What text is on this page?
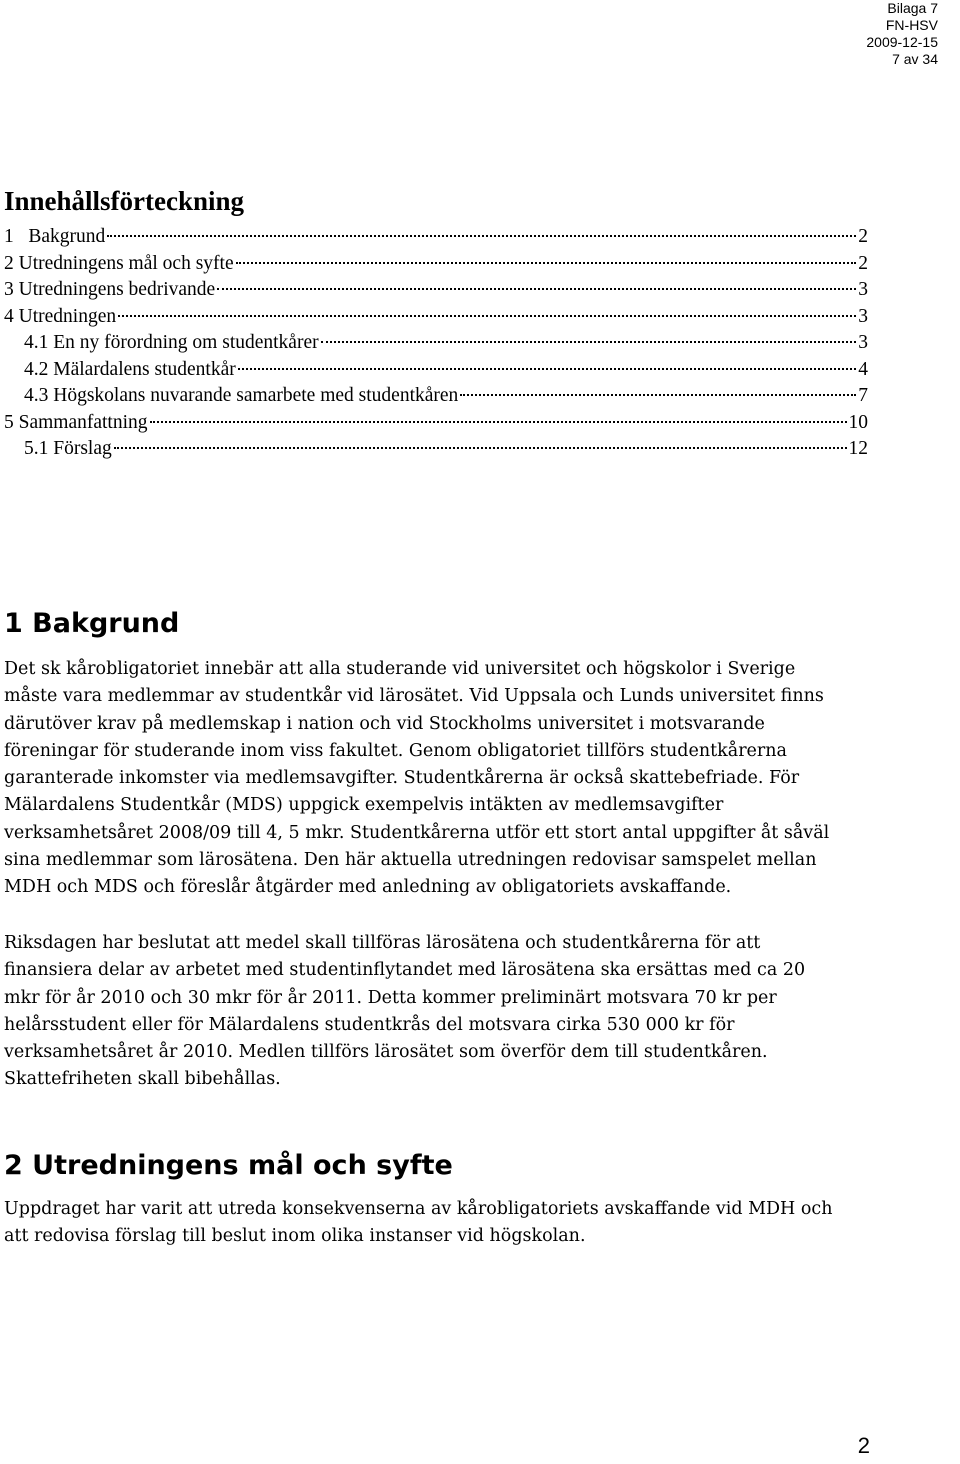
Bilaga 7
FN-HSV
2009-12-15
7 av 34
Innehållsförteckning
1   Bakgrund	2
2 Utredningens mål och syfte	2
3 Utredningens bedrivande	3
4 Utredningen	3
4.1 En ny förordning om studentkårer	3
4.2 Mälardalens studentkår	4
4.3 Högskolans nuvarande samarbete med studentkåren	7
5 Sammanfattning	10
5.1 Förslag	12
1 Bakgrund

Det sk kårobligatoriet innebär att alla studerande vid universitet och högskolor i Sverige
måste vara medlemmar av studentkår vid lärosätet. Vid Uppsala och Lunds universitet finns
därutöver krav på medlemskap i nation och vid Stockholms universitet i motsvarande
föreningar för studerande inom viss fakultet. Genom obligatoriet tillförs studentkårerna
garanterade inkomster via medlemsavgifter. Studentkårerna är också skattebefriade. För
Mälardalens Studentkår (MDS) uppgick exempelvis intäkten av medlemsavgifter
verksamhetsåret 2008/09 till 4, 5 mkr. Studentkårerna utför ett stort antal uppgifter åt såväl
sina medlemmar som lärosätena. Den här aktuella utredningen redovisar samspelet mellan
MDH och MDS och föreslår åtgärder med anledning av obligatoriets avskaffande.

Riksdagen har beslutat att medel skall tillföras lärosätena och studentkårerna för att
finansiera delar av arbetet med studentinflytandet med lärosätena ska ersättas med ca 20
mkr för år 2010 och 30 mkr för år 2011. Detta kommer preliminärt motsvara 70 kr per
helårsstudent eller för Mälardalens studentkrås del motsvara cirka 530 000 kr för
verksamhetsåret år 2010. Medlen tillförs lärosätet som överför dem till studentkåren.
Skattefriheten skall bibehållas.

2 Utredningens mål och syfte

Uppdraget har varit att utreda konsekvenserna av kårobligatoriets avskaffande vid MDH och
att redovisa förslag till beslut inom olika instanser vid högskolan.

2
